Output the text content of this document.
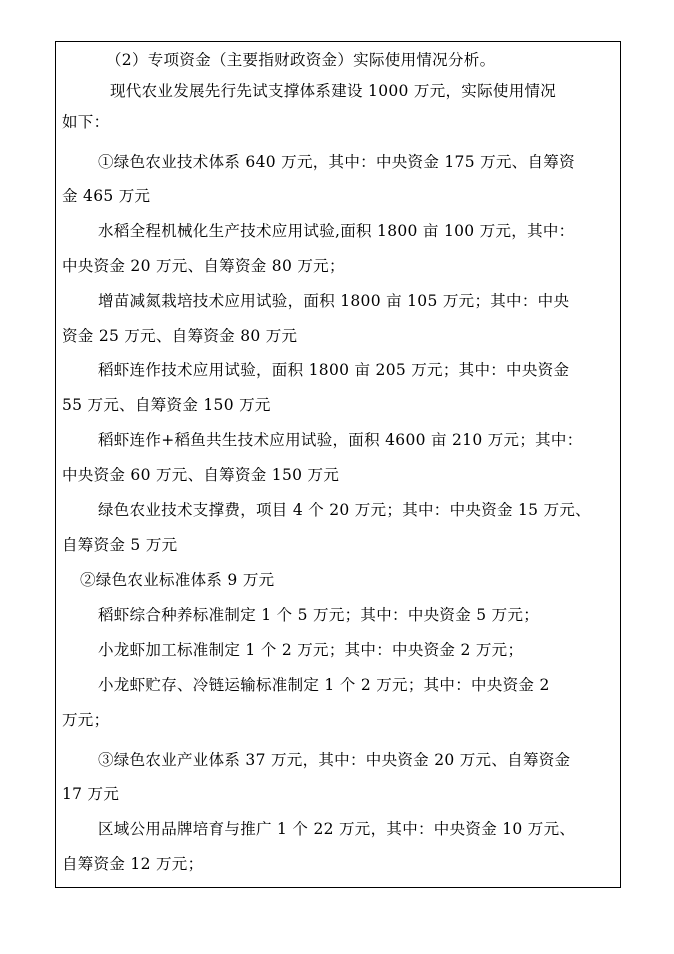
（2）专项资金（主要指财政资金）实际使用情况分析。
现代农业发展先行先试支撑体系建设 1000 万元，实际使用情况
如下：
①绿色农业技术体系 640 万元，其中：中央资金 175 万元、自筹资
金 465 万元
水稻全程机械化生产技术应用试验,面积 1800 亩 100 万元，其中：
中央资金 20 万元、自筹资金 80 万元；
增苗减氮栽培技术应用试验，面积 1800 亩 105 万元；其中：中央
资金 25 万元、自筹资金 80 万元
稻虾连作技术应用试验，面积 1800 亩 205 万元；其中：中央资金
55 万元、自筹资金 150 万元
稻虾连作+稻鱼共生技术应用试验，面积 4600 亩 210 万元；其中：
中央资金 60 万元、自筹资金 150 万元
绿色农业技术支撑费，项目 4 个 20 万元；其中：中央资金 15 万元、
自筹资金 5 万元
②绿色农业标准体系 9 万元
稻虾综合种养标准制定 1 个 5 万元；其中：中央资金 5 万元；
小龙虾加工标准制定 1 个 2 万元；其中：中央资金 2 万元；
小龙虾贮存、冷链运输标准制定 1 个 2 万元；其中：中央资金 2
万元；
③绿色农业产业体系 37 万元，其中：中央资金 20 万元、自筹资金
17 万元
区域公用品牌培育与推广 1 个 22 万元，其中：中央资金 10 万元、
自筹资金 12 万元；
